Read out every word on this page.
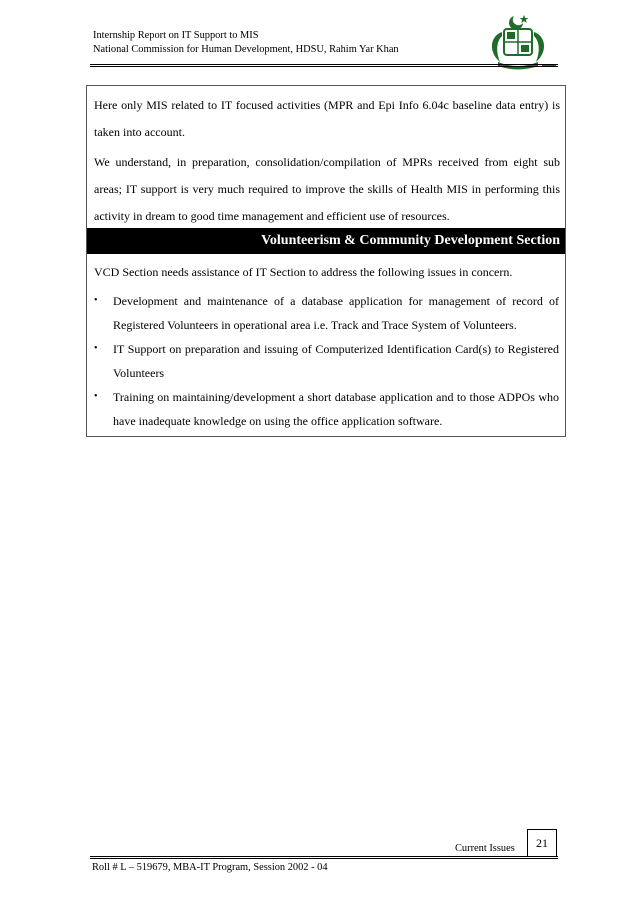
Internship Report on IT Support to MIS
National Commission for Human Development, HDSU, Rahim Yar Khan
Here only MIS related to IT focused activities (MPR and Epi Info 6.04c baseline data entry) is taken into account.
We understand, in preparation, consolidation/compilation of MPRs received from eight sub areas; IT support is very much required to improve the skills of Health MIS in performing this activity in dream to good time management and efficient use of resources.
Volunteerism & Community Development Section
VCD Section needs assistance of IT Section to address the following issues in concern.
• Development and maintenance of a database application for management of record of Registered Volunteers in operational area i.e. Track and Trace System of Volunteers.
• IT Support on preparation and issuing of Computerized Identification Card(s) to Registered Volunteers
• Training on maintaining/development a short database application and to those ADPOs who have inadequate knowledge on using the office application software.
Current Issues	21
Roll # L – 519679, MBA-IT Program, Session 2002 - 04
